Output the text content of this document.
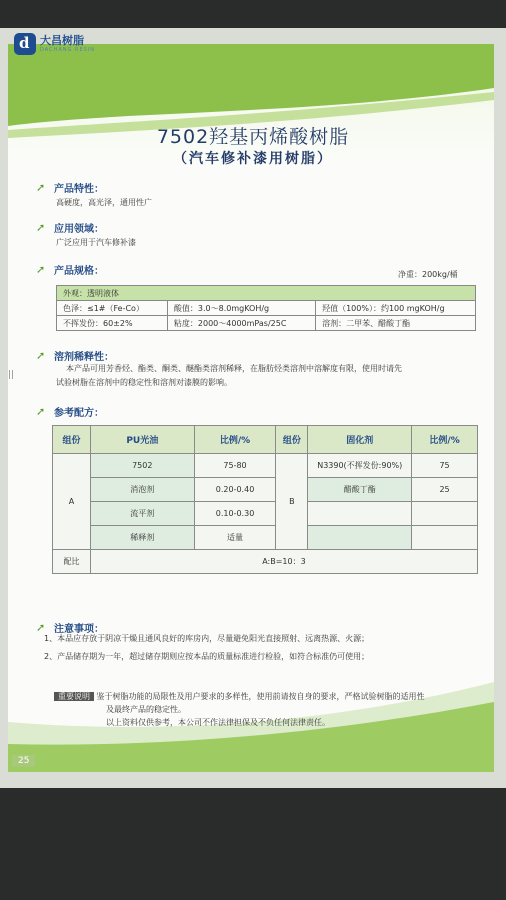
d 大昌树脂
DACHANG RESIN
7502羟基丙烯酸树脂
（汽车修补漆用树脂）
➚ 产品特性：
高硬度，高光泽，通用性广
➚ 应用领域：
广泛应用于汽车修补漆
➚ 产品规格：	净重：200kg/桶
外观：透明液体		
色泽：≤1#（Fe-Co）	酸值：3.0～8.0mgKOH/g	羟值（100%）：约100 mgKOH/g
不挥发份：60±2%	粘度：2000～4000mPas/25C	溶剂：二甲苯、醋酸丁酯
➚ 溶剂稀释性：
本产品可用芳香烃、酯类、酮类、醚酯类溶剂稀释，在脂肪烃类溶剂中溶解度有限，使用时请先
试验树脂在溶剂中的稳定性和溶剂对漆膜的影响。
||
➚ 参考配方：
组份	PU光油	比例/%	组份	固化剂	比例/%
A	7502	75-80	B	N3390(不挥发份:90%)	75
	消泡剂	0.20-0.40		醋酸丁酯	25
	流平剂	0.10-0.30			
	稀释剂	适量			
配比	A:B=10：3				
➚ 注意事项：
1、本品应存放于阴凉干燥且通风良好的库房内，尽量避免阳光直接照射、远离热源、火源；
2、产品储存期为一年，超过储存期则应按本品的质量标准进行检验，如符合标准仍可使用；
重要说明 鉴于树脂功能的局限性及用户要求的多样性，使用前请按自身的要求，严格试验树脂的适用性
及最终产品的稳定性。
以上资料仅供参考，本公司不作法律担保及不负任何法律责任。
25
